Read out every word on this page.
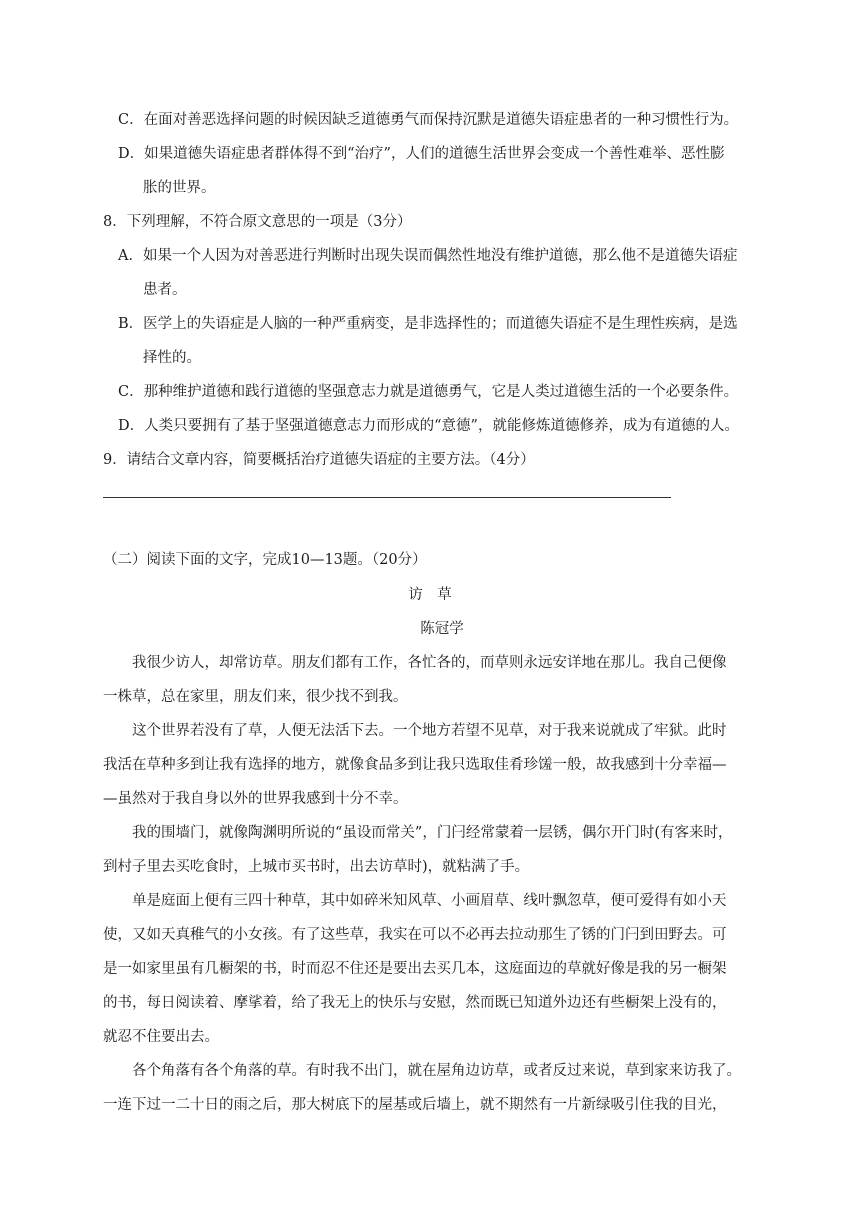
C．在面对善恶选择问题的时候因缺乏道德勇气而保持沉默是道德失语症患者的一种习惯性行为。
D．如果道德失语症患者群体得不到“治疗”，人们的道德生活世界会变成一个善性难举、恶性膨
胀的世界。
8．下列理解，不符合原文意思的一项是（3分）
A．如果一个人因为对善恶进行判断时出现失误而偶然性地没有维护道德，那么他不是道德失语症
患者。
B．医学上的失语症是人脑的一种严重病变，是非选择性的；而道德失语症不是生理性疾病，是选
择性的。
C．那种维护道德和践行道德的坚强意志力就是道德勇气，它是人类过道德生活的一个必要条件。
D．人类只要拥有了基于坚强道德意志力而形成的“意德”，就能修炼道德修养，成为有道德的人。
9．请结合文章内容，简要概括治疗道德失语症的主要方法。（4分）
（二）阅读下面的文字，完成10—13题。（20分）
访　草
陈冠学
我很少访人，却常访草。朋友们都有工作，各忙各的，而草则永远安详地在那儿。我自己便像
一株草，总在家里，朋友们来，很少找不到我。
这个世界若没有了草，人便无法活下去。一个地方若望不见草，对于我来说就成了牢狱。此时
我活在草种多到让我有选择的地方，就像食品多到让我只选取佳肴珍馐一般，故我感到十分幸福—
—虽然对于我自身以外的世界我感到十分不幸。
我的围墙门，就像陶渊明所说的“虽设而常关”，门闩经常蒙着一层锈，偶尔开门时(有客来时，
到村子里去买吃食时，上城市买书时，出去访草时)，就粘满了手。
单是庭面上便有三四十种草，其中如碎米知风草、小画眉草、线叶飘忽草，便可爱得有如小天
使，又如天真稚气的小女孩。有了这些草，我实在可以不必再去拉动那生了锈的门闩到田野去。可
是一如家里虽有几橱架的书，时而忍不住还是要出去买几本，这庭面边的草就好像是我的另一橱架
的书，每日阅读着、摩挲着，给了我无上的快乐与安慰，然而既已知道外边还有些橱架上没有的，
就忍不住要出去。
各个角落有各个角落的草。有时我不出门，就在屋角边访草，或者反过来说，草到家来访我了。
一连下过一二十日的雨之后，那大树底下的屋基或后墙上，就不期然有一片新绿吸引住我的目光，
